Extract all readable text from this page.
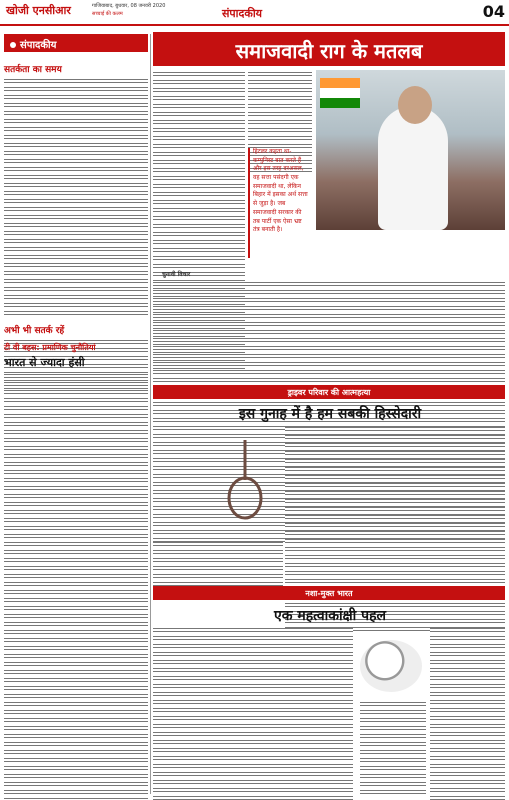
खोजी एनसीआर	गाजियाबाद, बुधवार, 08 जनवरी 2020
सच्चाई की कलम	संपादकीय	04
संपादकीय
सतर्कता का समय
अभी भी सतर्क रहें
टी वी बहस: प्रमाणिक चुनौतियां
भारत से ज्यादा हंसी
समाजवादी राग के मतलब
हिटलर कहता था- कम्युनिस्ट बात करते हैं और इस तरह दरअसल, वह सत्ता पसंदगी एक समाजवादी था, लेकिन बिहार में इसका अर्थ सत्ता से जुड़ा है। जब समाजवादी सरकार की तब पार्टी एक ऐसा भ्रष्ट तंत्र बनाती है।
चुनावी विचार
ड्राइवर परिवार की आत्महत्या
इस गुनाह में है हम सबकी हिस्सेदारी
नशा-मुक्त भारत
एक महत्वाकांक्षी पहल
